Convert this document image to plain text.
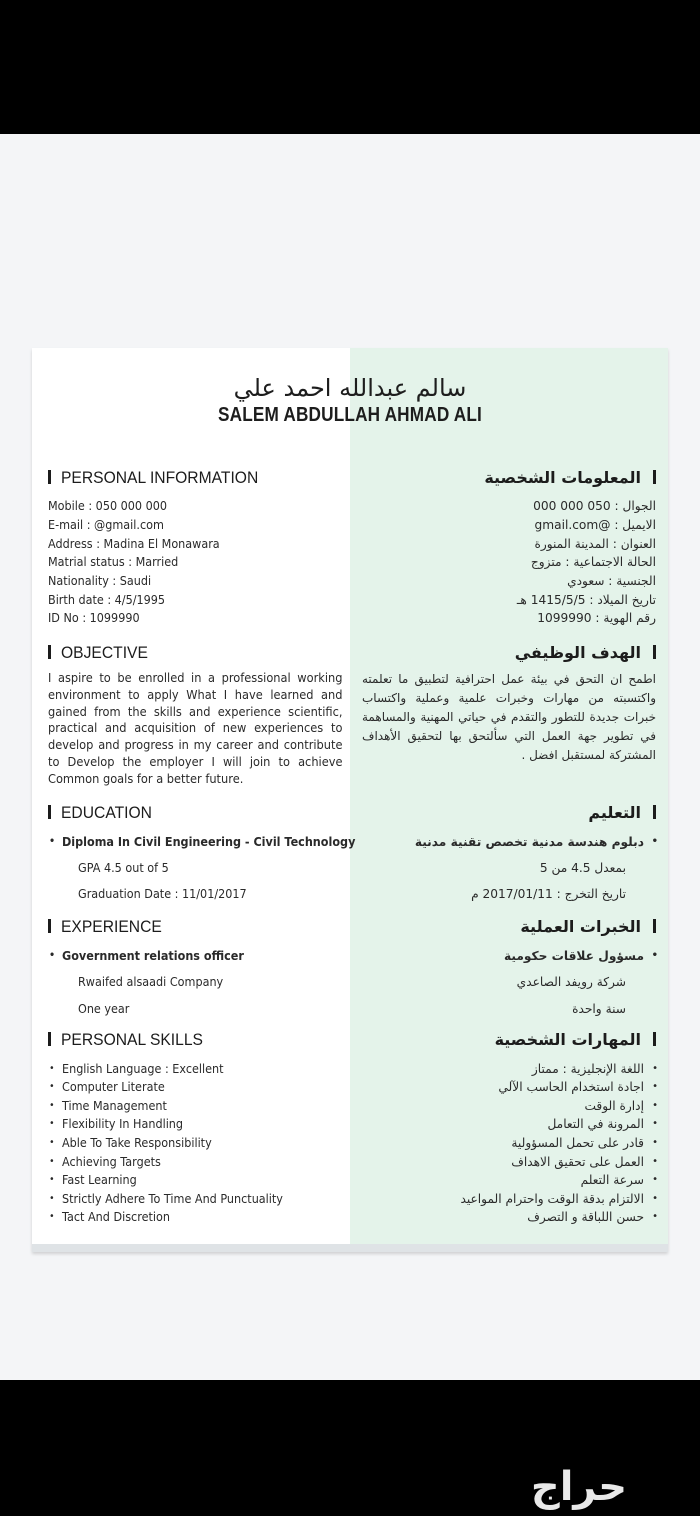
حراج
سالم عبدالله احمد علي
SALEM ABDULLAH AHMAD ALI
PERSONAL INFORMATION
Mobile : 050 000 000
E-mail : @gmail.com
Address : Madina El Monawara
Matrial status : Married
Nationality : Saudi
Birth date : 4/5/1995
ID No : 1099990
OBJECTIVE
I aspire to be enrolled in a professional working environment to apply What I have learned and gained from the skills and experience scientific, practical and acquisition of new experiences to develop and progress in my career and contribute to Develop the employer I will join to achieve Common goals for a better future.
EDUCATION
• Diploma In Civil Engineering - Civil Technology
GPA 4.5 out of 5
Graduation Date : 11/01/2017
EXPERIENCE
• Government relations officer
Rwaifed alsaadi Company
One year
PERSONAL SKILLS
• English Language : Excellent
• Computer Literate
• Time Management
• Flexibility In Handling
• Able To Take Responsibility
• Achieving Targets
• Fast Learning
• Strictly Adhere To Time And Punctuality
• Tact And Discretion
المعلومات الشخصية
الجوال : 050 000 000
الايميل : @gmail.com
العنوان : المدينة المنورة
الحالة الاجتماعية : متزوج
الجنسية : سعودي
تاريخ الميلاد : 1415/5/5 هـ
رقم الهوية : 1099990
الهدف الوظيفي
اطمح ان التحق في بيئة عمل احترافية لتطبيق ما تعلمته واكتسبته من مهارات وخبرات علمية وعملية واكتساب خبرات جديدة للتطور والتقدم في حياتي المهنية والمساهمة في تطوير جهة العمل التي سألتحق بها لتحقيق الأهداف المشتركة لمستقبل افضل .
التعليم
• دبلوم هندسة مدنية تخصص تقنية مدنية
بمعدل 4.5 من 5
تاريخ التخرج : 2017/01/11 م
الخبرات العملية
• مسؤول علاقات حكومية
شركة رويفد الصاعدي
سنة واحدة
المهارات الشخصية
• اللغة الإنجليزية : ممتاز
• اجادة استخدام الحاسب الآلي
• إدارة الوقت
• المرونة في التعامل
• قادر على تحمل المسؤولية
• العمل على تحقيق الاهداف
• سرعة التعلم
• الالتزام بدقة الوقت واحترام المواعيد
• حسن اللباقة و التصرف
